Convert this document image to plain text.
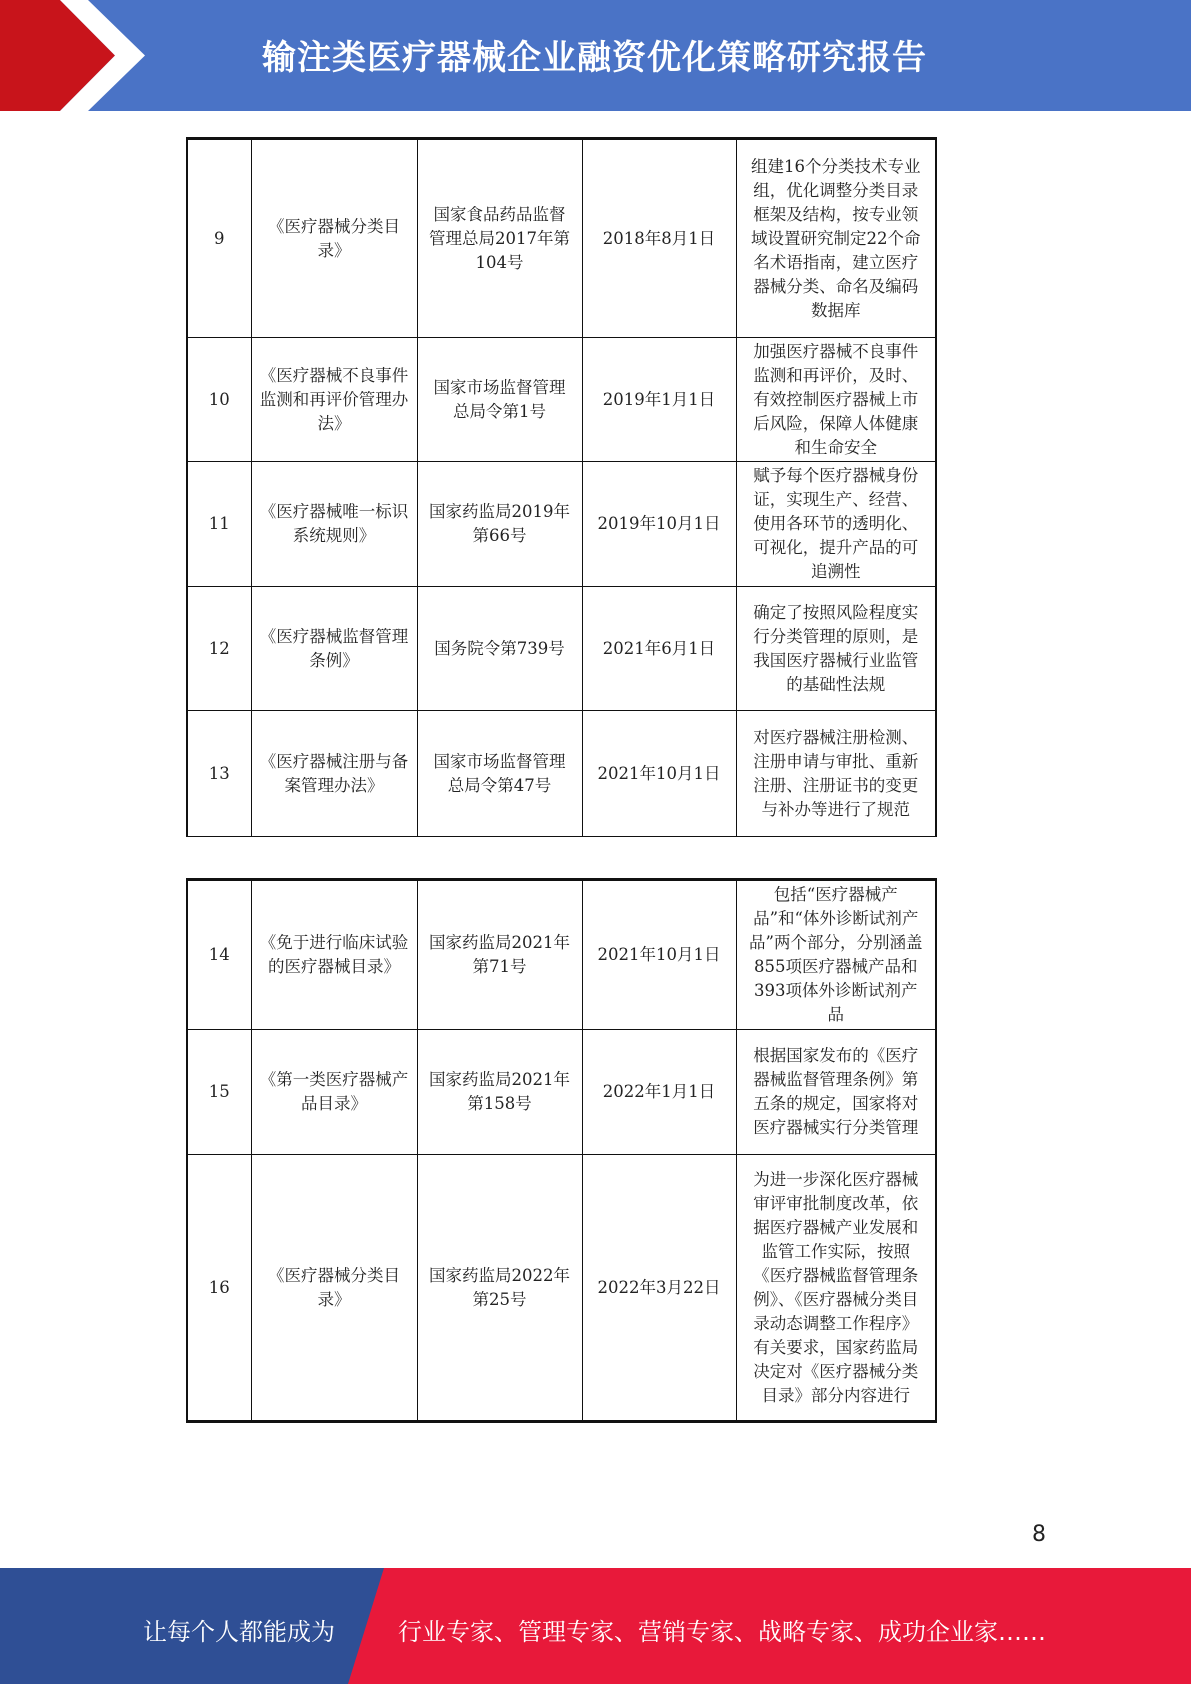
输注类医疗器械企业融资优化策略研究报告
9	《医疗器械分类目录》	国家食品药品监督管理总局2017年第104号	2018年8月1日	组建16个分类技术专业组，优化调整分类目录框架及结构，按专业领域设置研究制定22个命名术语指南，建立医疗器械分类、命名及编码数据库
10	《医疗器械不良事件监测和再评价管理办法》	国家市场监督管理总局令第1号	2019年1月1日	加强医疗器械不良事件监测和再评价，及时、有效控制医疗器械上市后风险，保障人体健康和生命安全
11	《医疗器械唯一标识系统规则》	国家药监局2019年第66号	2019年10月1日	赋予每个医疗器械身份证，实现生产、经营、使用各环节的透明化、可视化，提升产品的可追溯性
12	《医疗器械监督管理条例》	国务院令第739号	2021年6月1日	确定了按照风险程度实行分类管理的原则，是我国医疗器械行业监管的基础性法规
13	《医疗器械注册与备案管理办法》	国家市场监督管理总局令第47号	2021年10月1日	对医疗器械注册检测、注册申请与审批、重新注册、注册证书的变更与补办等进行了规范
14	《免于进行临床试验的医疗器械目录》	国家药监局2021年第71号	2021年10月1日	包括“医疗器械产品”和“体外诊断试剂产品”两个部分，分别涵盖855项医疗器械产品和393项体外诊断试剂产品
15	《第一类医疗器械产品目录》	国家药监局2021年第158号	2022年1月1日	根据国家发布的《医疗器械监督管理条例》第五条的规定，国家将对医疗器械实行分类管理
16	《医疗器械分类目录》	国家药监局2022年第25号	2022年3月22日	为进一步深化医疗器械审评审批制度改革，依据医疗器械产业发展和监管工作实际，按照《医疗器械监督管理条例》、《医疗器械分类目录动态调整工作程序》有关要求，国家药监局决定对《医疗器械分类目录》部分内容进行
8
让每个人都能成为	行业专家、管理专家、营销专家、战略专家、成功企业家……
